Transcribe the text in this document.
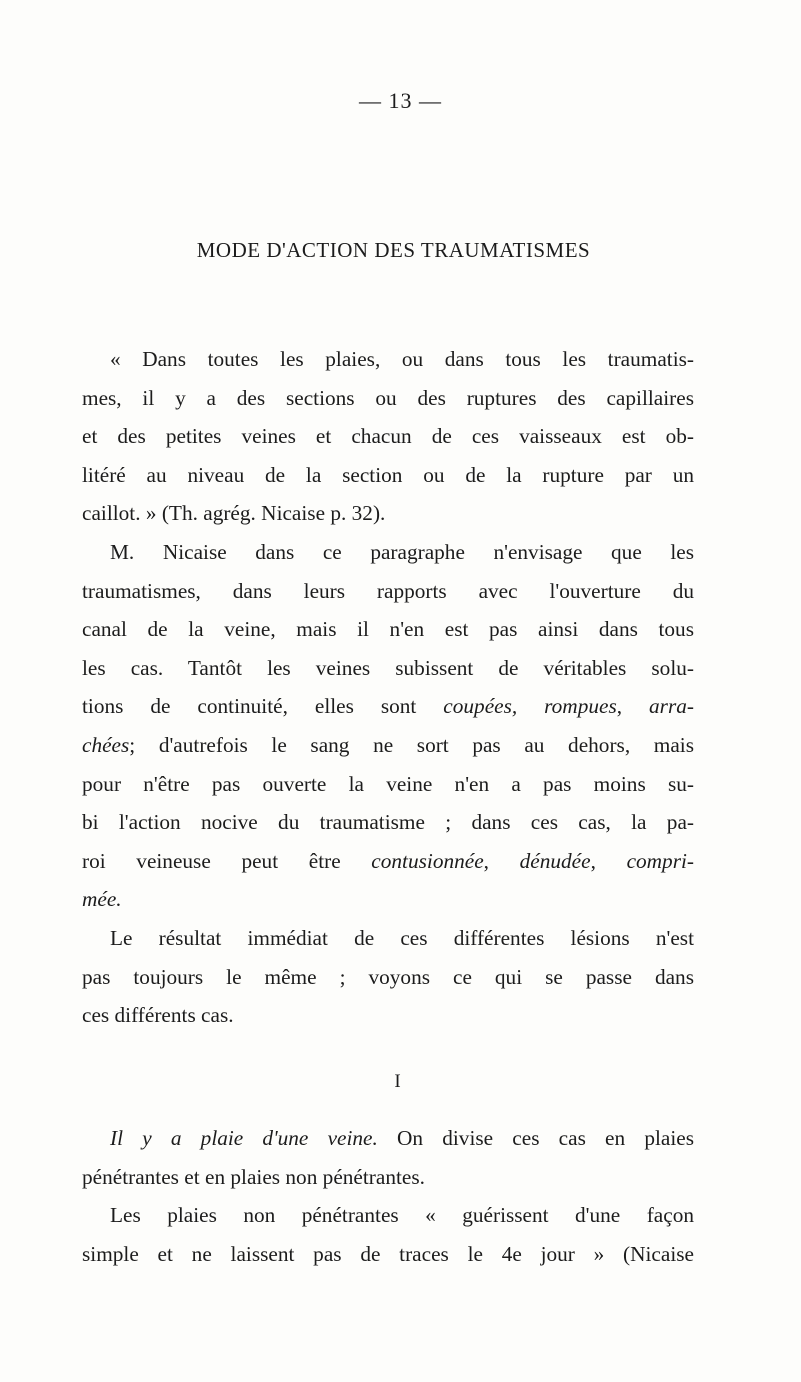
— 13 —
MODE D'ACTION DES TRAUMATISMES
« Dans toutes les plaies, ou dans tous les traumatis-
mes, il y a des sections ou des ruptures des capillaires
et des petites veines et chacun de ces vaisseaux est ob-
litéré au niveau de la section ou de la rupture par un
caillot. » (Th. agrég. Nicaise p. 32).
M. Nicaise dans ce paragraphe n'envisage que les
traumatismes, dans leurs rapports avec l'ouverture du
canal de la veine, mais il n'en est pas ainsi dans tous
les cas. Tantôt les veines subissent de véritables solu-
tions de continuité, elles sont coupées, rompues, arra-
chées; d'autrefois le sang ne sort pas au dehors, mais
pour n'être pas ouverte la veine n'en a pas moins su-
bi l'action nocive du traumatisme ; dans ces cas, la pa-
roi veineuse peut être contusionnée, dénudée, compri-
mée.
Le résultat immédiat de ces différentes lésions n'est
pas toujours le même ; voyons ce qui se passe dans
ces différents cas.
I
Il y a plaie d'une veine. On divise ces cas en plaies
pénétrantes et en plaies non pénétrantes.
Les plaies non pénétrantes « guérissent d'une façon
simple et ne laissent pas de traces le 4e jour » (Nicaise
